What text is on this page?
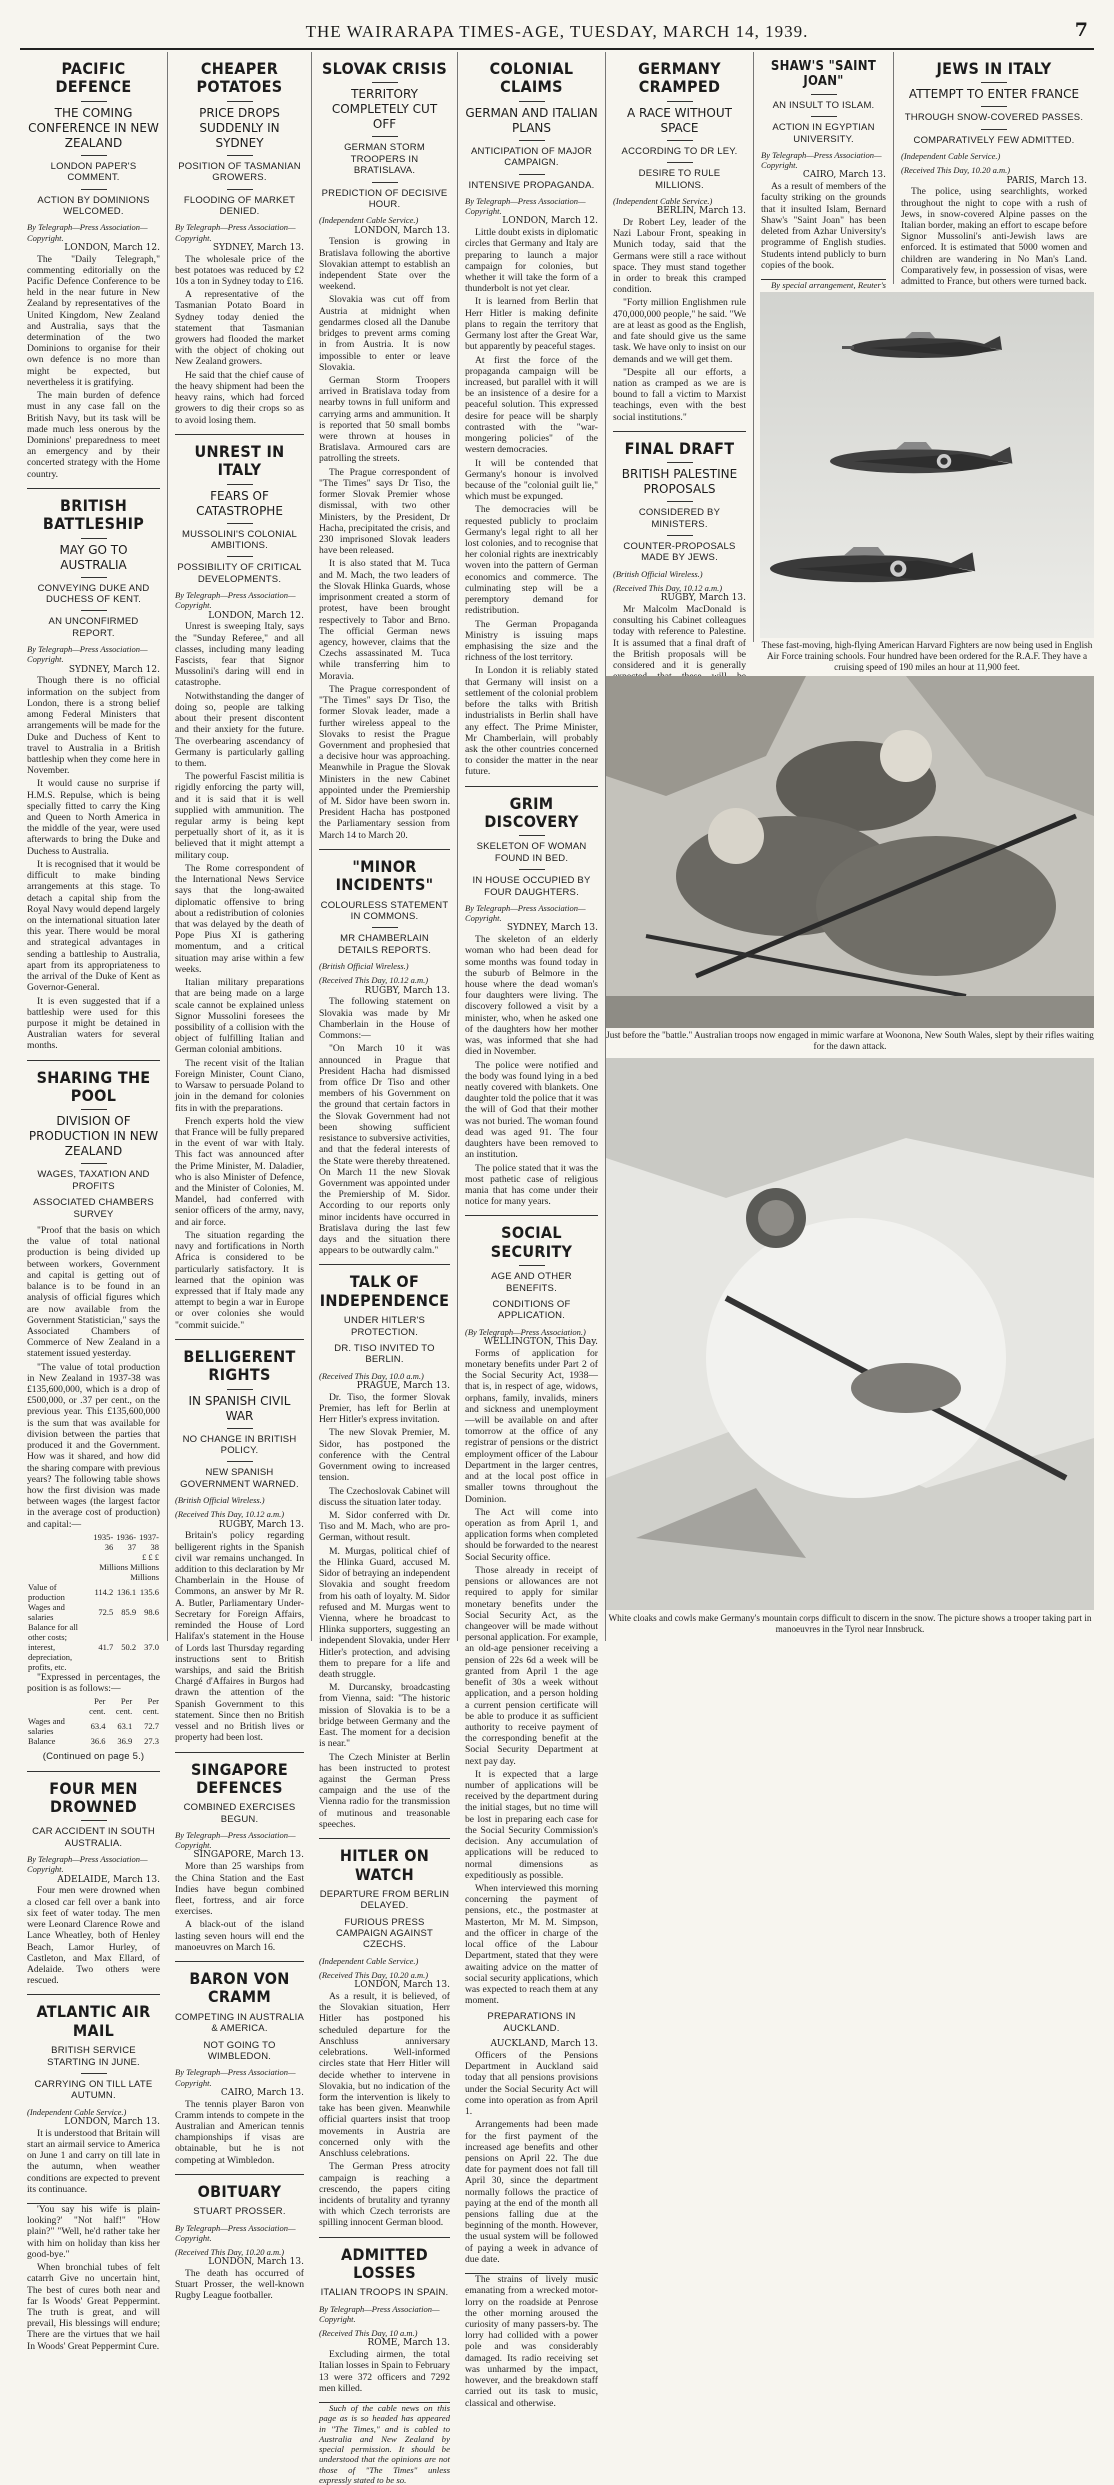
THE WAIRARAPA TIMES-AGE, TUESDAY, MARCH 14, 1939.	7
PACIFIC DEFENCE
THE COMING CONFERENCE IN NEW ZEALAND
LONDON PAPER'S COMMENT.
ACTION BY DOMINIONS WELCOMED.
By Telegraph—Press Association—Copyright.
LONDON, March 12.

The "Daily Telegraph," commenting editorially on the Pacific Defence Conference to be held in the near future in New Zealand by representatives of the United Kingdom, New Zealand and Australia, says that the determination of the two Dominions to organise for their own defence is no more than might be expected, but nevertheless it is gratifying.

The main burden of defence must in any case fall on the British Navy, but its task will be made much less onerous by the Dominions' preparedness to meet an emergency and by their concerted strategy with the Home country.

BRITISH BATTLESHIP
MAY GO TO AUSTRALIA
CONVEYING DUKE AND DUCHESS OF KENT.
AN UNCONFIRMED REPORT.
By Telegraph—Press Association—Copyright.
SYDNEY, March 12.

Though there is no official information on the subject from London, there is a strong belief among Federal Ministers that arrangements will be made for the Duke and Duchess of Kent to travel to Australia in a British battleship when they come here in November.

It would cause no surprise if H.M.S. Repulse, which is being specially fitted to carry the King and Queen to North America in the middle of the year, were used afterwards to bring the Duke and Duchess to Australia.

It is recognised that it would be difficult to make binding arrangements at this stage. To detach a capital ship from the Royal Navy would depend largely on the international situation later this year. There would be moral and strategical advantages in sending a battleship to Australia, apart from its appropriateness to the arrival of the Duke of Kent as Governor-General.

It is even suggested that if a battleship were used for this purpose it might be detained in Australian waters for several months.

SHARING THE POOL
DIVISION OF PRODUCTION IN NEW ZEALAND
WAGES, TAXATION AND PROFITS
ASSOCIATED CHAMBERS SURVEY

"Proof that the basis on which the value of total national production is being divided up between workers, Government and capital is getting out of balance is to be found in an analysis of official figures which are now available from the Government Statistician," says the Associated Chambers of Commerce of New Zealand in a statement issued yesterday.

"The value of total production in New Zealand in 1937-38 was £135,600,000, which is a drop of £500,000, or .37 per cent., on the previous year. This £135,600,000 is the sum that was available for division between the parties that produced it and the Government. How was it shared, and how did the sharing compare with previous years? The following table shows how the first division was made between wages (the largest factor in the average cost of production) and capital:—

	1935-36	1936-37	1937-38
	£ £ £		
	Millions Millions Millions		
Value of production	114.2	136.1	135.6
Wages and salaries	72.5	85.9	98.6
Balance for all other costs; interest, depreciation, profits, etc.	41.7	50.2	37.0

"Expressed in percentages, the position is as follows:—

	Per cent.	Per cent.	Per cent.
Wages and salaries	63.4	63.1	72.7
Balance	36.6	36.9	27.3
(Continued on page 5.)
FOUR MEN DROWNED
CAR ACCIDENT IN SOUTH AUSTRALIA.
By Telegraph—Press Association—Copyright.
ADELAIDE, March 13.

Four men were drowned when a closed car fell over a bank into six feet of water today. The men were Leonard Clarence Rowe and Lance Wheatley, both of Henley Beach, Lamor Hurley, of Castleton, and Max Ellard, of Adelaide. Two others were rescued.

ATLANTIC AIR MAIL
BRITISH SERVICE STARTING IN JUNE.
CARRYING ON TILL LATE AUTUMN.
(Independent Cable Service.)
LONDON, March 13.

It is understood that Britain will start an airmail service to America on June 1 and carry on till late in the autumn, when weather conditions are expected to prevent its continuance.

'You say his wife is plain-looking?' "Not half!" "How plain?" "Well, he'd rather take her with him on holiday than kiss her good-bye."

When bronchial tubes of felt catarrh Give no uncertain hint, The best of cures both near and far Is Woods' Great Peppermint. The truth is great, and will prevail, His blessings will endure; There are the virtues that we hail In Woods' Great Peppermint Cure.

CHEAPER POTATOES
PRICE DROPS SUDDENLY IN SYDNEY
POSITION OF TASMANIAN GROWERS.
FLOODING OF MARKET DENIED.
By Telegraph—Press Association—Copyright.
SYDNEY, March 13.

The wholesale price of the best potatoes was reduced by £2 10s a ton in Sydney today to £16.

A representative of the Tasmanian Potato Board in Sydney today denied the statement that Tasmanian growers had flooded the market with the object of choking out New Zealand growers.

He said that the chief cause of the heavy shipment had been the heavy rains, which had forced growers to dig their crops so as to avoid losing them.

UNREST IN ITALY
FEARS OF CATASTROPHE
MUSSOLINI'S COLONIAL AMBITIONS.
POSSIBILITY OF CRITICAL DEVELOPMENTS.
By Telegraph—Press Association—Copyright.
LONDON, March 12.

Unrest is sweeping Italy, says the "Sunday Referee," and all classes, including many leading Fascists, fear that Signor Mussolini's daring will end in catastrophe.

Notwithstanding the danger of doing so, people are talking about their present discontent and their anxiety for the future. The overbearing ascendancy of Germany is particularly galling to them.

The powerful Fascist militia is rigidly enforcing the party will, and it is said that it is well supplied with ammunition. The regular army is being kept perpetually short of it, as it is believed that it might attempt a military coup.

The Rome correspondent of the International News Service says that the long-awaited diplomatic offensive to bring about a redistribution of colonies that was delayed by the death of Pope Pius XI is gathering momentum, and a critical situation may arise within a few weeks.

Italian military preparations that are being made on a large scale cannot be explained unless Signor Mussolini foresees the possibility of a collision with the object of fulfilling Italian and German colonial ambitions.

The recent visit of the Italian Foreign Minister, Count Ciano, to Warsaw to persuade Poland to join in the demand for colonies fits in with the preparations.

French experts hold the view that France will be fully prepared in the event of war with Italy. This fact was announced after the Prime Minister, M. Daladier, who is also Minister of Defence, and the Minister of Colonies, M. Mandel, had conferred with senior officers of the army, navy, and air force.

The situation regarding the navy and fortifications in North Africa is considered to be particularly satisfactory. It is learned that the opinion was expressed that if Italy made any attempt to begin a war in Europe or over colonies she would "commit suicide."

BELLIGERENT RIGHTS
IN SPANISH CIVIL WAR
NO CHANGE IN BRITISH POLICY.
NEW SPANISH GOVERNMENT WARNED.
(British Official Wireless.)
(Received This Day, 10.12 a.m.)
RUGBY, March 13.

Britain's policy regarding belligerent rights in the Spanish civil war remains unchanged. In addition to this declaration by Mr Chamberlain in the House of Commons, an answer by Mr R. A. Butler, Parliamentary Under-Secretary for Foreign Affairs, reminded the House of Lord Halifax's statement in the House of Lords last Thursday regarding instructions sent to British warships, and said the British Chargé d'Affaires in Burgos had drawn the attention of the Spanish Government to this statement. Since then no British vessel and no British lives or property had been lost.

SINGAPORE DEFENCES
COMBINED EXERCISES BEGUN.
By Telegraph—Press Association—Copyright.
SINGAPORE, March 13.

More than 25 warships from the China Station and the East Indies have begun combined fleet, fortress, and air force exercises.

A black-out of the island lasting seven hours will end the manoeuvres on March 16.

BARON VON CRAMM
COMPETING IN AUSTRALIA & AMERICA.
NOT GOING TO WIMBLEDON.
By Telegraph—Press Association—Copyright.
CAIRO, March 13.

The tennis player Baron von Cramm intends to compete in the Australian and American tennis championships if visas are obtainable, but he is not competing at Wimbledon.

OBITUARY
STUART PROSSER.
By Telegraph—Press Association—Copyright.
(Received This Day, 10.20 a.m.)
LONDON, March 13.

The death has occurred of Stuart Prosser, the well-known Rugby League footballer.

SLOVAK CRISIS
TERRITORY COMPLETELY CUT OFF
GERMAN STORM TROOPERS IN BRATISLAVA.
PREDICTION OF DECISIVE HOUR.
(Independent Cable Service.)
LONDON, March 13.

Tension is growing in Bratislava following the abortive Slovakian attempt to establish an independent State over the weekend.

Slovakia was cut off from Austria at midnight when gendarmes closed all the Danube bridges to prevent arms coming in from Austria. It is now impossible to enter or leave Slovakia.

German Storm Troopers arrived in Bratislava today from nearby towns in full uniform and carrying arms and ammunition. It is reported that 50 small bombs were thrown at houses in Bratislava. Armoured cars are patrolling the streets.

The Prague correspondent of "The Times" says Dr Tiso, the former Slovak Premier whose dismissal, with two other Ministers, by the President, Dr Hacha, precipitated the crisis, and 230 imprisoned Slovak leaders have been released.

It is also stated that M. Tuca and M. Mach, the two leaders of the Slovak Hlinka Guards, whose imprisonment created a storm of protest, have been brought respectively to Tabor and Brno. The official German news agency, however, claims that the Czechs assassinated M. Tuca while transferring him to Moravia.

The Prague correspondent of "The Times" says Dr Tiso, the former Slovak leader, made a further wireless appeal to the Slovaks to resist the Prague Government and prophesied that a decisive hour was approaching. Meanwhile in Prague the Slovak Ministers in the new Cabinet appointed under the Premiership of M. Sidor have been sworn in. President Hacha has postponed the Parliamentary session from March 14 to March 20.

"MINOR INCIDENTS"
COLOURLESS STATEMENT IN COMMONS.
MR CHAMBERLAIN DETAILS REPORTS.
(British Official Wireless.)
(Received This Day, 10.12 a.m.)
RUGBY, March 13.

The following statement on Slovakia was made by Mr Chamberlain in the House of Commons:—

"On March 10 it was announced in Prague that President Hacha had dismissed from office Dr Tiso and other members of his Government on the ground that certain factors in the Slovak Government had not been showing sufficient resistance to subversive activities, and that the federal interests of the State were thereby threatened. On March 11 the new Slovak Government was appointed under the Premiership of M. Sidor. According to our reports only minor incidents have occurred in Bratislava during the last few days and the situation there appears to be outwardly calm."

TALK OF INDEPENDENCE
UNDER HITLER'S PROTECTION.
DR. TISO INVITED TO BERLIN.
(Received This Day, 10.0 a.m.)
PRAGUE, March 13.

Dr. Tiso, the former Slovak Premier, has left for Berlin at Herr Hitler's express invitation.

The new Slovak Premier, M. Sidor, has postponed the conference with the Central Government owing to increased tension.

The Czechoslovak Cabinet will discuss the situation later today.

M. Sidor conferred with Dr. Tiso and M. Mach, who are pro-German, without result.

M. Murgas, political chief of the Hlinka Guard, accused M. Sidor of betraying an independent Slovakia and sought freedom from his oath of loyalty. M. Sidor refused and M. Murgas went to Vienna, where he broadcast to Hlinka supporters, suggesting an independent Slovakia, under Herr Hitler's protection, and advising them to prepare for a life and death struggle.

M. Durcansky, broadcasting from Vienna, said: "The historic mission of Slovakia is to be a bridge between Germany and the East. The moment for a decision is near."

The Czech Minister at Berlin has been instructed to protest against the German Press campaign and the use of the Vienna radio for the transmission of mutinous and treasonable speeches.

HITLER ON WATCH
DEPARTURE FROM BERLIN DELAYED.
FURIOUS PRESS CAMPAIGN AGAINST CZECHS.
(Independent Cable Service.)
(Received This Day, 10.20 a.m.)
LONDON, March 13.

As a result, it is believed, of the Slovakian situation, Herr Hitler has postponed his scheduled departure for the Anschluss anniversary celebrations. Well-informed circles state that Herr Hitler will decide whether to intervene in Slovakia, but no indication of the form the intervention is likely to take has been given. Meanwhile official quarters insist that troop movements in Austria are concerned only with the Anschluss celebrations.

The German Press atrocity campaign is reaching a crescendo, the papers citing incidents of brutality and tyranny with which Czech terrorists are spilling innocent German blood.

ADMITTED LOSSES
ITALIAN TROOPS IN SPAIN.
By Telegraph—Press Association—Copyright.
(Received This Day, 10 a.m.)
ROME, March 13.

Excluding airmen, the total Italian losses in Spain to February 13 were 372 officers and 7292 men killed.

Such of the cable news on this page as is so headed has appeared in "The Times," and is cabled to Australia and New Zealand by special permission. It should be understood that the opinions are not those of "The Times" unless expressly stated to be so.

COLONIAL CLAIMS
GERMAN AND ITALIAN PLANS
ANTICIPATION OF MAJOR CAMPAIGN.
INTENSIVE PROPAGANDA.
By Telegraph—Press Association—Copyright.
LONDON, March 12.

Little doubt exists in diplomatic circles that Germany and Italy are preparing to launch a major campaign for colonies, but whether it will take the form of a thunderbolt is not yet clear.

It is learned from Berlin that Herr Hitler is making definite plans to regain the territory that Germany lost after the Great War, but apparently by peaceful stages.

At first the force of the propaganda campaign will be increased, but parallel with it will be an insistence of a desire for a peaceful solution. This expressed desire for peace will be sharply contrasted with the "war-mongering policies" of the western democracies.

It will be contended that Germany's honour is involved because of the "colonial guilt lie," which must be expunged.

The democracies will be requested publicly to proclaim Germany's legal right to all her lost colonies, and to recognise that her colonial rights are inextricably woven into the pattern of German economics and commerce. The culminating step will be a peremptory demand for redistribution.

The German Propaganda Ministry is issuing maps emphasising the size and the richness of the lost territory.

In London it is reliably stated that Germany will insist on a settlement of the colonial problem before the talks with British industrialists in Berlin shall have any effect. The Prime Minister, Mr Chamberlain, will probably ask the other countries concerned to consider the matter in the near future.

GRIM DISCOVERY
SKELETON OF WOMAN FOUND IN BED.
IN HOUSE OCCUPIED BY FOUR DAUGHTERS.
By Telegraph—Press Association—Copyright.
SYDNEY, March 13.

The skeleton of an elderly woman who had been dead for some months was found today in the suburb of Belmore in the house where the dead woman's four daughters were living. The discovery followed a visit by a minister, who, when he asked one of the daughters how her mother was, was informed that she had died in November.

The police were notified and the body was found lying in a bed neatly covered with blankets. One daughter told the police that it was the will of God that their mother was not buried. The woman found dead was aged 91. The four daughters have been removed to an institution.

The police stated that it was the most pathetic case of religious mania that has come under their notice for many years.

SOCIAL SECURITY
AGE AND OTHER BENEFITS.
CONDITIONS OF APPLICATION.
(By Telegraph—Press Association.)
WELLINGTON, This Day.

Forms of application for monetary benefits under Part 2 of the Social Security Act, 1938—that is, in respect of age, widows, orphans, family, invalids, miners and sickness and unemployment—will be available on and after tomorrow at the office of any registrar of pensions or the district employment officer of the Labour Department in the larger centres, and at the local post office in smaller towns throughout the Dominion.

The Act will come into operation as from April 1, and application forms when completed should be forwarded to the nearest Social Security office.

Those already in receipt of pensions or allowances are not required to apply for similar monetary benefits under the Social Security Act, as the changeover will be made without personal application. For example, an old-age pensioner receiving a pension of 22s 6d a week will be granted from April 1 the age benefit of 30s a week without application, and a person holding a current pension certificate will be able to produce it as sufficient authority to receive payment of the corresponding benefit at the Social Security Department at next pay day.

It is expected that a large number of applications will be received by the department during the initial stages, but no time will be lost in preparing each case for the Social Security Commission's decision. Any accumulation of applications will be reduced to normal dimensions as expeditiously as possible.

When interviewed this morning concerning the payment of pensions, etc., the postmaster at Masterton, Mr M. M. Simpson, and the officer in charge of the local office of the Labour Department, stated that they were awaiting advice on the matter of social security applications, which was expected to reach them at any moment.

PREPARATIONS IN AUCKLAND.
AUCKLAND, March 13.

Officers of the Pensions Department in Auckland said today that all pensions provisions under the Social Security Act will come into operation as from April 1.

Arrangements had been made for the first payment of the increased age benefits and other pensions on April 22. The due date for payment does not fall till April 30, since the department normally follows the practice of paying at the end of the month all pensions falling due at the beginning of the month. However, the usual system will be followed of paying a week in advance of due date.

The strains of lively music emanating from a wrecked motor-lorry on the roadside at Penrose the other morning aroused the curiosity of many passers-by. The lorry had collided with a power pole and was considerably damaged. Its radio receiving set was unharmed by the impact, however, and the breakdown staff carried out its task to music, classical and otherwise.

GERMANY CRAMPED
A RACE WITHOUT SPACE
ACCORDING TO DR LEY.
DESIRE TO RULE MILLIONS.
(Independent Cable Service.)
BERLIN, March 13.

Dr Robert Ley, leader of the Nazi Labour Front, speaking in Munich today, said that the Germans were still a race without space. They must stand together in order to break this cramped condition.

"Forty million Englishmen rule 470,000,000 people," he said. "We are at least as good as the English, and fate should give us the same task. We have only to insist on our demands and we will get them.

"Despite all our efforts, a nation as cramped as we are is bound to fall a victim to Marxist teachings, even with the best social institutions."

FINAL DRAFT
BRITISH PALESTINE PROPOSALS
CONSIDERED BY MINISTERS.
COUNTER-PROPOSALS MADE BY JEWS.
(British Official Wireless.)
(Received This Day, 10.12 a.m.)
RUGBY, March 13.

Mr Malcolm MacDonald is consulting his Cabinet colleagues today with reference to Palestine. It is assumed that a final draft of the British proposals will be considered and it is generally

SHAW'S "SAINT JOAN"
AN INSULT TO ISLAM.
ACTION IN EGYPTIAN UNIVERSITY.
By Telegraph—Press Association—Copyright.
CAIRO, March 13.

As a result of members of the faculty striking on the grounds that it insulted Islam, Bernard Shaw's "Saint Joan" has been deleted from Azhar University's programme of English studies. Students intend publicly to burn copies of the book.

By special arrangement, Reuter's

JEWS IN ITALY
ATTEMPT TO ENTER FRANCE
THROUGH SNOW-COVERED PASSES.
COMPARATIVELY FEW ADMITTED.
(Independent Cable Service.)
(Received This Day, 10.20 a.m.)
PARIS, March 13.

The police, using searchlights, worked throughout the night to cope with a rush of Jews, in snow-covered Alpine passes on the Italian border, making an effort to escape before Signor Mussolini's anti-Jewish laws are enforced. It is estimated that 5000 women and children are wandering in No Man's Land. Comparatively few, in possession of visas, were admitted to France, but others were turned back.

These fast-moving, high-flying American Harvard Fighters are now being used in English Air Force training schools. Four hundred have been ordered for the R.A.F. They have a cruising speed of 190 miles an hour at 11,900 feet.
Just before the "battle." Australian troops now engaged in mimic warfare at Woonona, New South Wales, slept by their rifles waiting for the dawn attack.
White cloaks and cowls make Germany's mountain corps difficult to discern in the snow. The picture shows a trooper taking part in manoeuvres in the Tyrol near Innsbruck.
